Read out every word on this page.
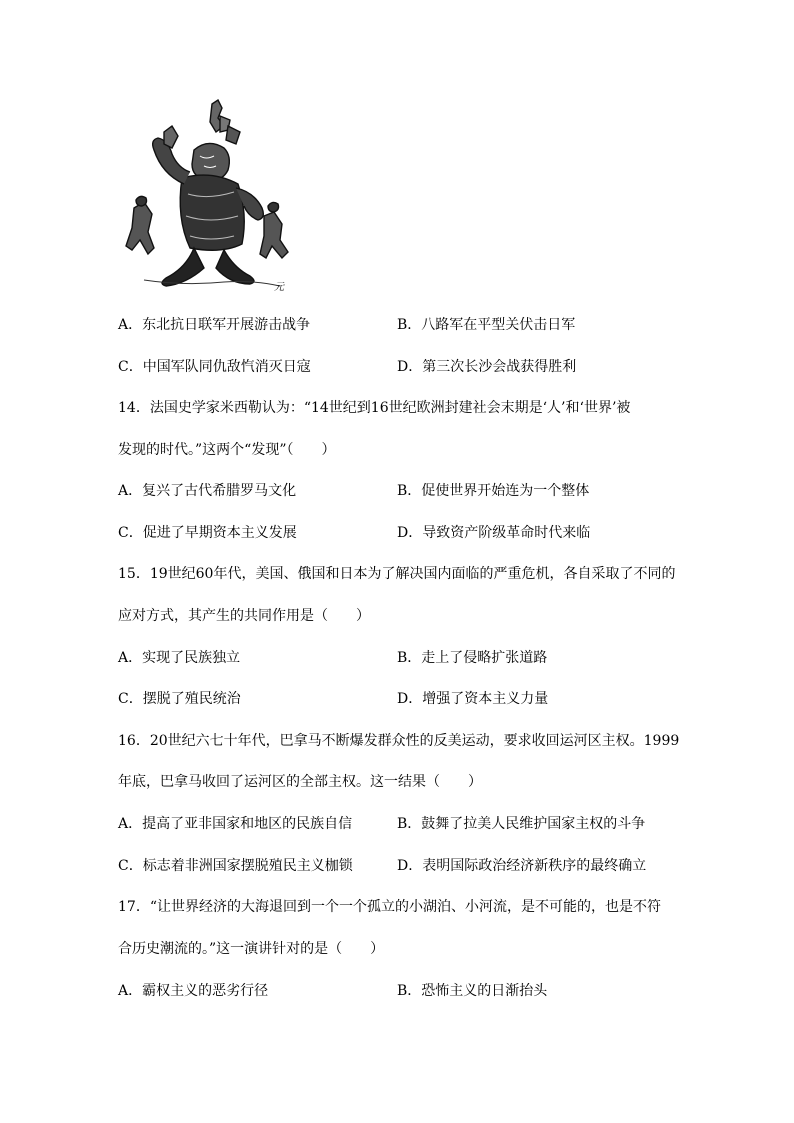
元
A．东北抗日联军开展游击战争	B．八路军在平型关伏击日军
C．中国军队同仇敌忾消灭日寇	D．第三次长沙会战获得胜利
14．法国史学家米西勒认为：“14世纪到16世纪欧洲封建社会末期是‘人’和‘世界’被
发现的时代。”这两个“发现”（　　）
A．复兴了古代希腊罗马文化	B．促使世界开始连为一个整体
C．促进了早期资本主义发展	D．导致资产阶级革命时代来临
15．19世纪60年代，美国、俄国和日本为了解决国内面临的严重危机，各自采取了不同的
应对方式，其产生的共同作用是（　　）
A．实现了民族独立	B．走上了侵略扩张道路
C．摆脱了殖民统治	D．增强了资本主义力量
16．20世纪六七十年代，巴拿马不断爆发群众性的反美运动，要求收回运河区主权。1999
年底，巴拿马收回了运河区的全部主权。这一结果（　　）
A．提高了亚非国家和地区的民族自信	B．鼓舞了拉美人民维护国家主权的斗争
C．标志着非洲国家摆脱殖民主义枷锁	D．表明国际政治经济新秩序的最终确立
17．“让世界经济的大海退回到一个一个孤立的小湖泊、小河流，是不可能的，也是不符
合历史潮流的。”这一演讲针对的是（　　）
A．霸权主义的恶劣行径	B．恐怖主义的日渐抬头
